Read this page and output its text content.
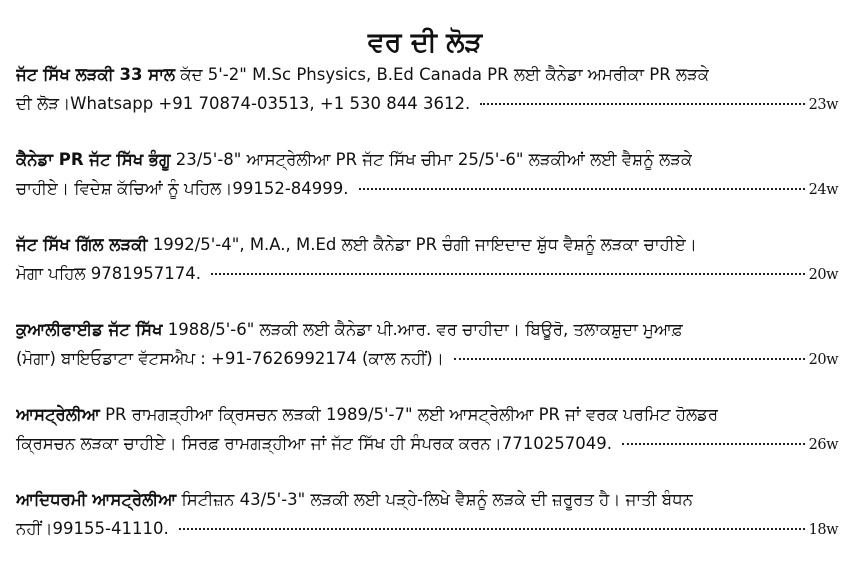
ਵਰ ਦੀ ਲੋੜ
ਜੱਟ ਸਿੱਖ ਲੜਕੀ 33 ਸਾਲ ਕੱਦ 5'-2" M.Sc Phsysics, B.Ed Canada PR ਲਈ ਕੈਨੇਡਾ ਅਮਰੀਕਾ PR ਲੜਕੇ
ਦੀ ਲੋੜ।Whatsapp +91 70874-03513, +1 530 844 3612.	23w
ਕੈਨੇਡਾ PR ਜੱਟ ਸਿੱਖ ਭੰਗੂ 23/5'-8" ਆਸਟ੍ਰੇਲੀਆ PR ਜੱਟ ਸਿੱਖ ਚੀਮਾ 25/5'-6" ਲੜਕੀਆਂ ਲਈ ਵੈਸ਼ਨੂੰ ਲੜਕੇ
ਚਾਹੀਏ। ਵਿਦੇਸ਼ ਕੱਚਿਆਂ ਨੂੰ ਪਹਿਲ।99152-84999.	24w
ਜੱਟ ਸਿੱਖ ਗਿੱਲ ਲੜਕੀ 1992/5'-4", M.A., M.Ed ਲਈ ਕੈਨੇਡਾ PR ਚੰਗੀ ਜਾਇਦਾਦ ਸ਼ੁੱਧ ਵੈਸ਼ਨੂੰ ਲੜਕਾ ਚਾਹੀਏ।
ਮੋਗਾ ਪਹਿਲ 9781957174.	20w
ਕੁਆਲੀਫਾਈਡ ਜੱਟ ਸਿੱਖ 1988/5'-6" ਲੜਕੀ ਲਈ ਕੈਨੇਡਾ ਪੀ.ਆਰ. ਵਰ ਚਾਹੀਦਾ। ਬਿਊਰੋ, ਤਲਾਕਸ਼ੁਦਾ ਮੁਆਫ਼
(ਮੋਗਾ) ਬਾਇਓਡਾਟਾ ਵੱਟਸਐਪ : +91-7626992174 (ਕਾਲ ਨਹੀਂ)।	20w
ਆਸਟ੍ਰੇਲੀਆ PR ਰਾਮਗੜ੍ਹੀਆ ਕ੍ਰਿਸਚਨ ਲੜਕੀ 1989/5'-7" ਲਈ ਆਸਟ੍ਰੇਲੀਆ PR ਜਾਂ ਵਰਕ ਪਰਮਿਟ ਹੋਲਡਰ
ਕ੍ਰਿਸਚਨ ਲੜਕਾ ਚਾਹੀਏ। ਸਿਰਫ਼ ਰਾਮਗੜ੍ਹੀਆ ਜਾਂ ਜੱਟ ਸਿੱਖ ਹੀ ਸੰਪਰਕ ਕਰਨ।7710257049.	26w
ਆਦਿਧਰਮੀ ਆਸਟ੍ਰੇਲੀਆ ਸਿਟੀਜ਼ਨ 43/5'-3" ਲੜਕੀ ਲਈ ਪੜ੍ਹੇ-ਲਿਖੇ ਵੈਸ਼ਨੂੰ ਲੜਕੇ ਦੀ ਜ਼ਰੂਰਤ ਹੈ। ਜਾਤੀ ਬੰਧਨ
ਨਹੀਂ।99155-41110.	18w
